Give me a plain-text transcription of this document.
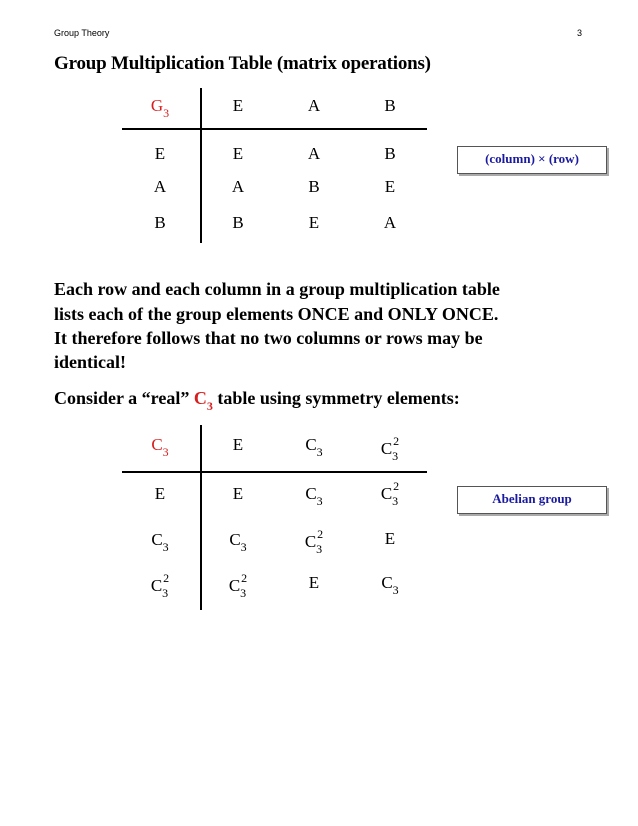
Group Theory	3
Group Multiplication Table (matrix operations)
$G_3$	E	A	B
E	E	A	B
A	A	B	E
B	B	E	A
(column) × (row)
Each row and each column in a group multiplication table
lists each of the group elements ONCE and ONLY ONCE.
It therefore follows that no two columns or rows may be
identical!
Consider a “real” $C_3$ table using symmetry elements:
$C_3$	E	$C_3$	$C_3^2$
E	E	$C_3$	$C_3^2$
$C_3$	$C_3$	$C_3^2$	E
$C_3^2$	$C_3^2$	E	$C_3$
Abelian group
